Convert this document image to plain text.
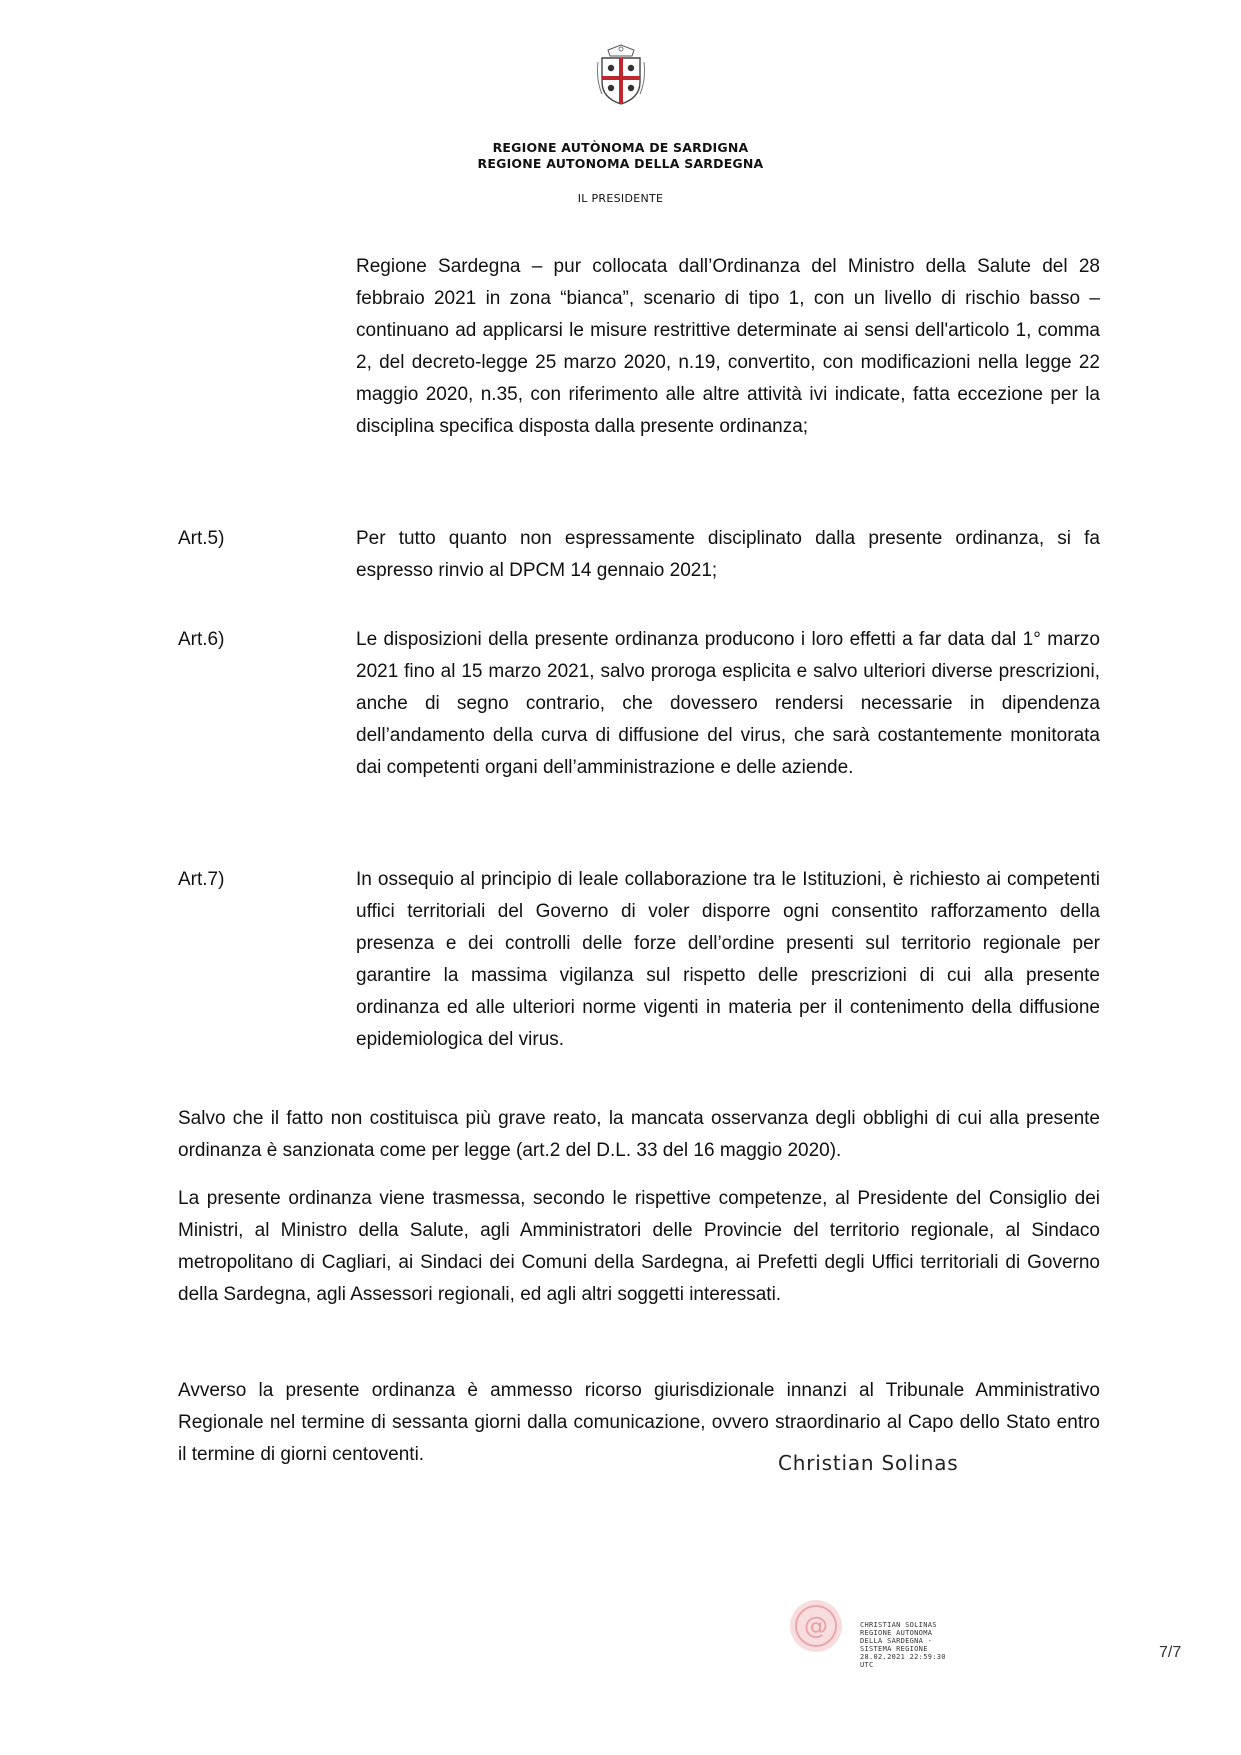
REGIONE AUTÒNOMA DE SARDIGNA
REGIONE AUTONOMA DELLA SARDEGNA
IL PRESIDENTE

Regione Sardegna – pur collocata dall’Ordinanza del Ministro della Salute del 28 febbraio 2021 in zona “bianca”, scenario di tipo 1, con un livello di rischio basso – continuano ad applicarsi le misure restrittive determinate ai sensi dell'articolo 1, comma 2, del decreto-legge 25 marzo 2020, n.19, convertito, con modificazioni nella legge 22 maggio 2020, n.35, con riferimento alle altre attività ivi indicate, fatta eccezione per la disciplina specifica disposta dalla presente ordinanza;

Art.5)	Per tutto quanto non espressamente disciplinato dalla presente ordinanza, si fa espresso rinvio al DPCM 14 gennaio 2021;

Art.6)	Le disposizioni della presente ordinanza producono i loro effetti a far data dal 1° marzo 2021 fino al 15 marzo 2021, salvo proroga esplicita e salvo ulteriori diverse prescrizioni, anche di segno contrario, che dovessero rendersi necessarie in dipendenza dell’andamento della curva di diffusione del virus, che sarà costantemente monitorata dai competenti organi dell’amministrazione e delle aziende.

Art.7)	In ossequio al principio di leale collaborazione tra le Istituzioni, è richiesto ai competenti uffici territoriali del Governo di voler disporre ogni consentito rafforzamento della presenza e dei controlli delle forze dell’ordine presenti sul territorio regionale per garantire la massima vigilanza sul rispetto delle prescrizioni di cui alla presente ordinanza ed alle ulteriori norme vigenti in materia per il contenimento della diffusione epidemiologica del virus.

Salvo che il fatto non costituisca più grave reato, la mancata osservanza degli obblighi di cui alla presente ordinanza è sanzionata come per legge (art.2 del D.L. 33 del 16 maggio 2020).

La presente ordinanza viene trasmessa, secondo le rispettive competenze, al Presidente del Consiglio dei Ministri, al Ministro della Salute, agli Amministratori delle Provincie del territorio regionale, al Sindaco metropolitano di Cagliari, ai Sindaci dei Comuni della Sardegna, ai Prefetti degli Uffici territoriali di Governo della Sardegna, agli Assessori regionali, ed agli altri soggetti interessati.

Avverso la presente ordinanza è ammesso ricorso giurisdizionale innanzi al Tribunale Amministrativo Regionale nel termine di sessanta giorni dalla comunicazione, ovvero straordinario al Capo dello Stato entro il termine di giorni centoventi.	Christian Solinas
@	CHRISTIAN SOLINAS
REGIONE AUTONOMA
DELLA SARDEGNA -
SISTEMA REGIONE
28.02.2021 22:59:30
UTC
7/7
